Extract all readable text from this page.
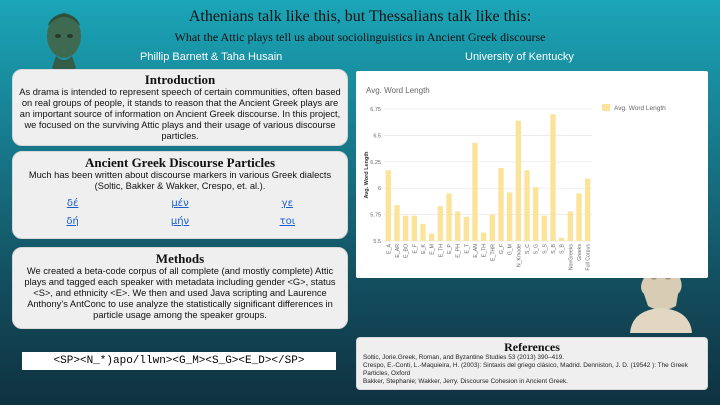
Athenians talk like this, but Thessalians talk like this:
What the Attic plays tell us about sociolinguistics in Ancient Greek discourse
Phillip Barnett & Taha Husain	University of Kentucky
Introduction

As drama is intended to represent speech of certain communities, often based on real groups of people, it stands to reason that the Ancient Greek plays are an important source of information on Ancient Greek discourse. In this project, we focused on the surviving Attic plays and their usage of various discourse particles.

Ancient Greek Discourse Particles

Much has been written about discourse markers in various Greek dialects (Soltic, Bakker & Wakker, Crespo, et. al.).

δέ	μέν	γε
δή	μήν	τοι
Methods

We created a beta-code corpus of all complete (and mostly complete) Attic plays and tagged each speaker with metadata including gender <G>, status <S>, and ethnicity <E>. We then and used Java scripting and Laurence Anthony’s AntConc to use analyze the statistically significant differences in particle usage among the speaker groups.

<SP><N_*)apo/llwn><G_M><S_G><E_D></SP>
Avg. Word Length
5.5
5.75
6
6.25
6.5
6.75
Avg. Word Length
E_A E_AR E_BO E_F E_K E_M E_TH E_P E_PH E_T E_AN E_TH E_THR G_F G_M N_Kmode S_C S_G S_S S_B S_B NonGreeks Greeks Full Corpus
Avg. Word Length
References

Soltic, Jorie.Greek, Roman, and Byzantine Studies 53 (2013) 390–419.

Crespo, E.-Conti, L.-Maquieira, H. (2003): Sintaxis del griego clásico, Madrid. Denniston, J. D. (19542 ): The Greek Particles, Oxford

Bakker, Stephanie; Wakker, Jerry. Discourse Cohesion in Ancient Greek.
